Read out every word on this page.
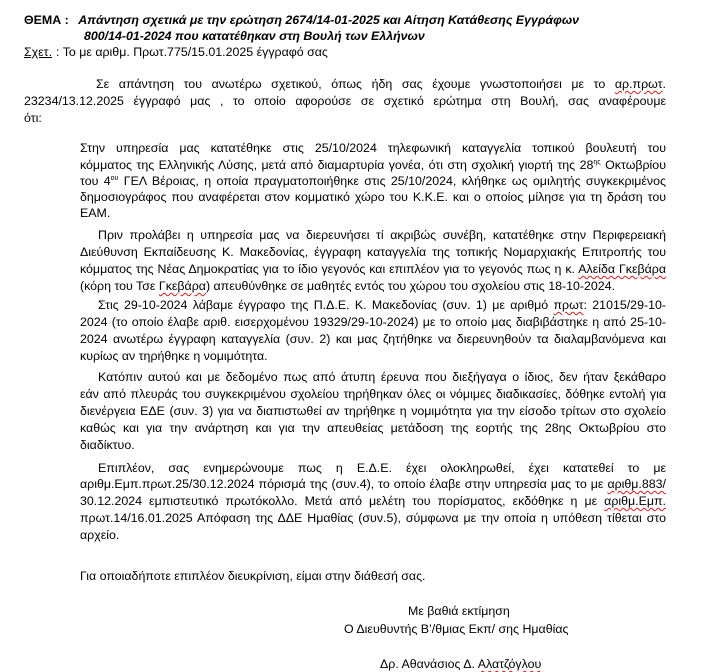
ΘΕΜΑ : Απάντηση σχετικά με την ερώτηση 2674/14-01-2025 και Αίτηση Κατάθεσης Εγγράφων
800/14-01-2024 που κατατέθηκαν στη Βουλή των Ελλήνων
Σχετ. : Το με αριθμ. Πρωτ.775/15.01.2025 έγγραφό σας
Σε απάντηση του ανωτέρω σχετικού, όπως ήδη σας έχουμε γνωστοποιήσει με το αρ.πρωτ.
23234/13.12.2025 έγγραφό μας , το οποίο αφορούσε σε σχετικό ερώτημα στη Βουλή, σας αναφέρουμε
ότι:
Στην υπηρεσία μας κατατέθηκε στις 25/10/2024 τηλεφωνική καταγγελία τοπικού βουλευτή του
κόμματος της Ελληνικής Λύσης, μετά από διαμαρτυρία γονέα, ότι στη σχολική γιορτή της $28^{\eta\varsigma}$ Οκτωβρίου
του $4^{o\upsilon}$ ΓΕΛ Βέροιας, η οποία πραγματοποιήθηκε στις 25/10/2024, κλήθηκε ως ομιλητής συγκεκριμένος
δημοσιογράφος που αναφέρεται στον κομματικό χώρο του Κ.Κ.Ε. και ο οποίος μίλησε για τη δράση του
ΕΑΜ.
Πριν προλάβει η υπηρεσία μας να διερευνήσει τί ακριβώς συνέβη, κατατέθηκε στην Περιφερειακή
Διεύθυνση Εκπαίδευσης Κ. Μακεδονίας, έγγραφη καταγγελία της τοπικής Νομαρχιακής Επιτροπής του
κόμματος της Νέας Δημοκρατίας για το ίδιο γεγονός και επιπλέον για το γεγονός πως η κ. Αλείδα Γκεβάρα
(κόρη του Τσε Γκεβάρα) απευθύνθηκε σε μαθητές εντός του χώρου του σχολείου στις 18-10-2024.
Στις 29-10-2024 λάβαμε έγγραφο της Π.Δ.Ε. Κ. Μακεδονίας (συν. 1) με αριθμό πρωτ: 21015/29-10-
2024 (το οποίο έλαβε αριθ. εισερχομένου 19329/29-10-2024) με το οποίο μας διαβιβάστηκε η από 25-10-
2024 ανωτέρω έγγραφη καταγγελία (συν. 2) και μας ζητήθηκε να διερευνηθούν τα διαλαμβανόμενα και
κυρίως αν τηρήθηκε η νομιμότητα.
Κατόπιν αυτού και με δεδομένο πως από άτυπη έρευνα που διεξήγαγα ο ίδιος, δεν ήταν ξεκάθαρο
εάν από πλευράς του συγκεκριμένου σχολείου τηρήθηκαν όλες οι νόμιμες διαδικασίες, δόθηκε εντολή για
διενέργεια ΕΔΕ (συν. 3) για να διαπιστωθεί αν τηρήθηκε η νομιμότητα για την είσοδο τρίτων στο σχολείο
καθώς και για την ανάρτηση και για την απευθείας μετάδοση της εορτής της 28ης Οκτωβρίου στο
διαδίκτυο.
Επιπλέον, σας ενημερώνουμε πως η Ε.Δ.Ε. έχει ολοκληρωθεί, έχει κατατεθεί το με
αριθμ.Εμπ.πρωτ.25/30.12.2024 πόρισμά της (συν.4), το οποίο έλαβε στην υπηρεσία μας το με αριθμ.883/
30.12.2024 εμπιστευτικό πρωτόκολλο. Μετά από μελέτη του πορίσματος, εκδόθηκε η με αριθμ.Εμπ.
πρωτ.14/16.01.2025 Απόφαση της ΔΔΕ Ημαθίας (συν.5), σύμφωνα με την οποία η υπόθεση τίθεται στο
αρχείο.
Για οποιαδήποτε επιπλέον διευκρίνιση, είμαι στην διάθεσή σας.
Με βαθιά εκτίμηση
Ο Διευθυντής Β’/θμιας Εκπ/ σης Ημαθίας
Δρ. Αθανάσιος Δ. Αλατζόγλου
